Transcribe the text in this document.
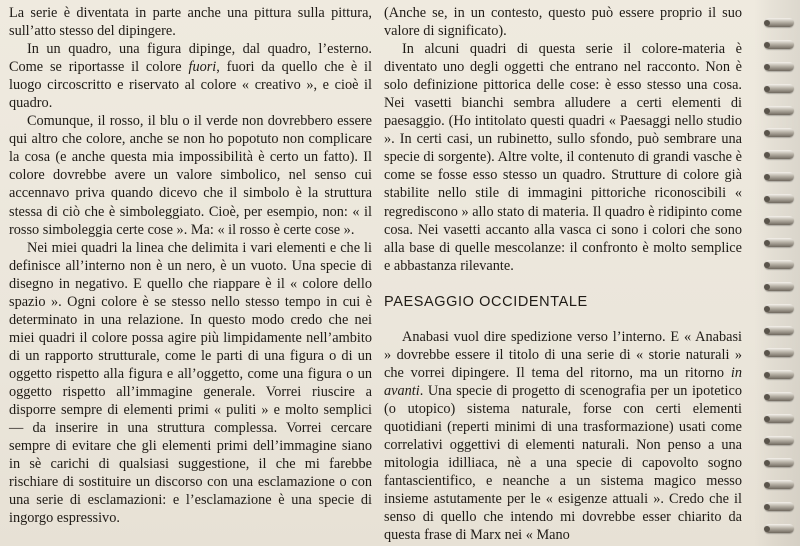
La serie è diventata in parte anche una pittura sulla pittura, sull’atto stesso del dipingere.

In un quadro, una figura dipinge, dal quadro, l’esterno. Come se riportasse il colore fuori, fuori da quello che è il luogo circoscritto e riservato al colore « creativo », e cioè il quadro.

Comunque, il rosso, il blu o il verde non dovrebbero essere qui altro che colore, anche se non ho popotuto non complicare la cosa (e anche questa mia impossibilità è certo un fatto). Il colore dovrebbe avere un valore simbolico, nel senso cui accennavo priva quando dicevo che il simbolo è la struttura stessa di ciò che è simboleggiato. Cioè, per esempio, non: « il rosso simboleggia certe cose ». Ma: « il rosso è certe cose ».

Nei miei quadri la linea che delimita i vari elementi e che li definisce all’interno non è un nero, è un vuoto. Una specie di disegno in negativo. E quello che riappare è il « colore dello spazio ». Ogni colore è se stesso nello stesso tempo in cui è determinato in una relazione. In questo modo credo che nei miei quadri il colore possa agire più limpidamente nell’ambito di un rapporto strutturale, come le parti di una figura o di un oggetto rispetto alla figura e all’oggetto, come una figura o un oggetto rispetto all’immagine generale. Vorrei riuscire a disporre sempre di elementi primi « puliti » e molto semplici — da inserire in una struttura complessa. Vorrei cercare sempre di evitare che gli elementi primi dell’immagine siano in sè carichi di qualsiasi suggestione, il che mi farebbe rischiare di sostituire un discorso con una esclamazione o con una serie di esclamazioni: e l’esclamazione è una specie di ingorgo espressivo.

(Anche se, in un contesto, questo può essere proprio il suo valore di significato).

In alcuni quadri di questa serie il colore-materia è diventato uno degli oggetti che entrano nel racconto. Non è solo definizione pittorica delle cose: è esso stesso una cosa. Nei vasetti bianchi sembra alludere a certi elementi di paesaggio. (Ho intitolato questi quadri « Paesaggi nello studio ». In certi casi, un rubinetto, sullo sfondo, può sembrare una specie di sorgente). Altre volte, il contenuto di grandi vasche è come se fosse esso stesso un quadro. Strutture di colore già stabilite nello stile di immagini pittoriche riconoscibili « regrediscono » allo stato di materia. Il quadro è ridipinto come cosa. Nei vasetti accanto alla vasca ci sono i colori che sono alla base di quelle mescolanze: il confronto è molto semplice e abbastanza rilevante.

PAESAGGIO OCCIDENTALE

Anabasi vuol dire spedizione verso l’interno. E « Anabasi » dovrebbe essere il titolo di una serie di « storie naturali » che vorrei dipingere. Il tema del ritorno, ma un ritorno in avanti. Una specie di progetto di scenografia per un ipotetico (o utopico) sistema naturale, forse con certi elementi quotidiani (reperti minimi di una trasformazione) usati come correlativi oggettivi di elementi naturali. Non penso a una mitologia idilliaca, nè a una specie di capovolto sogno fantascientifico, e neanche a un sistema magico messo insieme astutamente per le « esigenze attuali ». Credo che il senso di quello che intendo mi dovrebbe esser chiarito da questa frase di Marx nei « Mano
